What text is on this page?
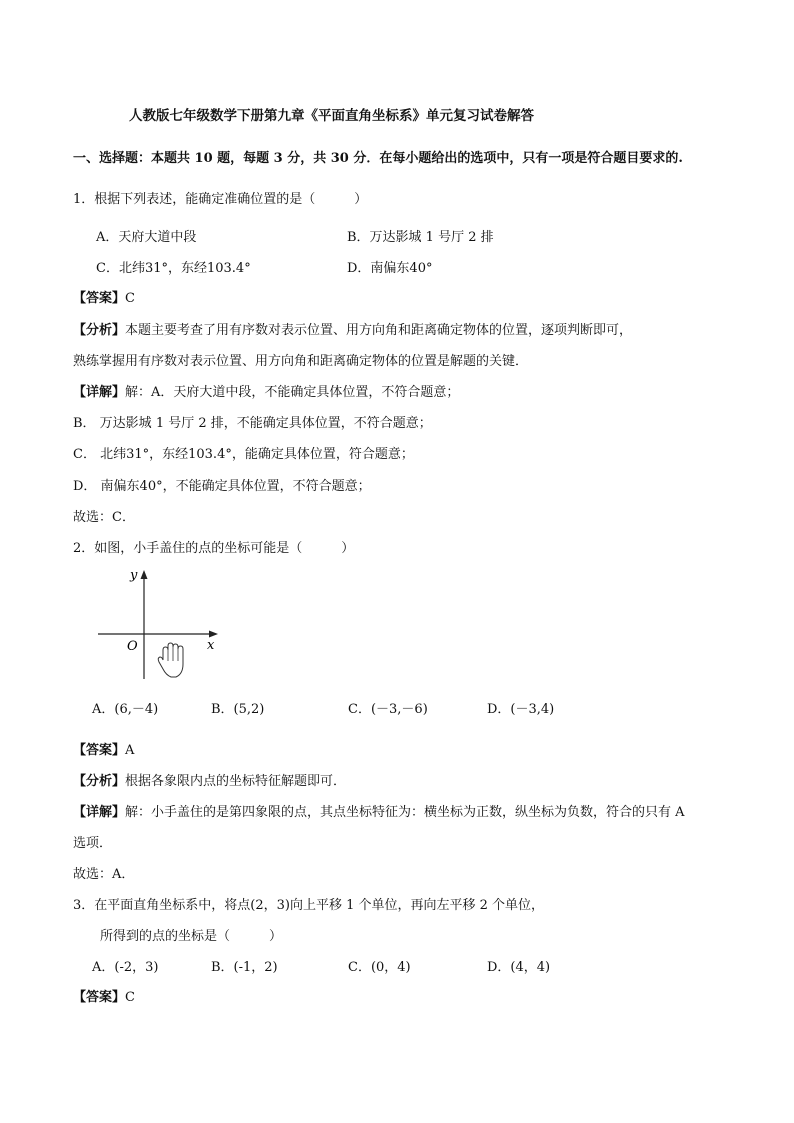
人教版七年级数学下册第九章《平面直角坐标系》单元复习试卷解答
一、选择题：本题共 10 题，每题 3 分，共 30 分．在每小题给出的选项中，只有一项是符合题目要求的.
1．根据下列表述，能确定准确位置的是（　　　）
A．天府大道中段	B．万达影城 1 号厅 2 排
C．北纬31°，东经103.4°	D．南偏东40°
【答案】C
【分析】本题主要考查了用有序数对表示位置、用方向角和距离确定物体的位置，逐项判断即可，
熟练掌握用有序数对表示位置、用方向角和距离确定物体的位置是解题的关键．
【详解】解：A．天府大道中段，不能确定具体位置，不符合题意；
B． 万达影城 1 号厅 2 排，不能确定具体位置，不符合题意；
C． 北纬31°，东经103.4°，能确定具体位置，符合题意；
D． 南偏东40°，不能确定具体位置，不符合题意；
故选：C．
2．如图，小手盖住的点的坐标可能是（　　　）
y
x
O
A．(6,－4)	B．(5,2)	C．(－3,－6)	D．(－3,4)
【答案】A
【分析】根据各象限内点的坐标特征解题即可．
【详解】解：小手盖住的是第四象限的点，其点坐标特征为：横坐标为正数，纵坐标为负数，符合的只有 A
选项．
故选：A．
3．在平面直角坐标系中，将点(2，3)向上平移 1 个单位，再向左平移 2 个单位，
所得到的点的坐标是（　　　）
A．(-2，3)	B．(-1，2)	C．(0，4)	D．(4，4)
【答案】C
